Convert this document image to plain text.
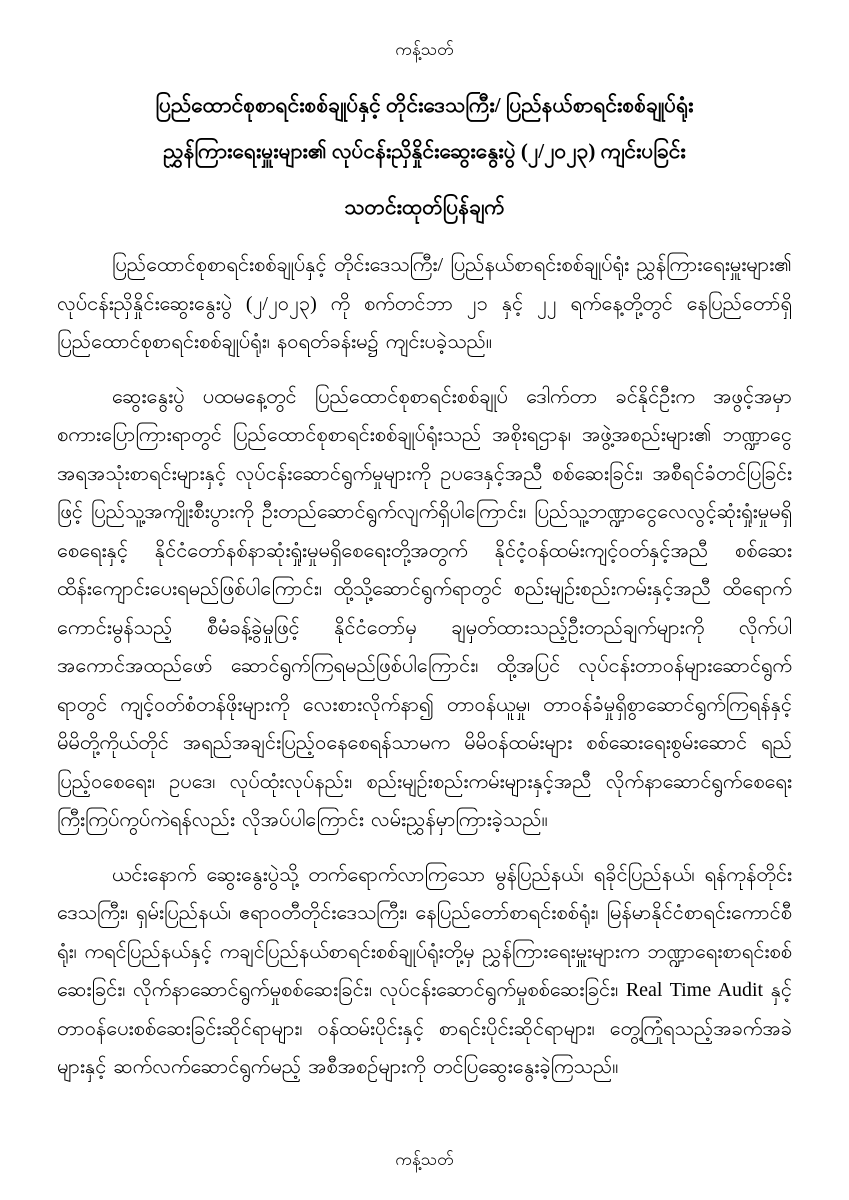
ကန့်သတ်
ပြည်ထောင်စုစာရင်းစစ်ချုပ်နှင့် တိုင်းဒေသကြီး/ ပြည်နယ်စာရင်းစစ်ချုပ်ရုံး
ညွှန်ကြားရေးမှူးများ၏ လုပ်ငန်းညှိနှိုင်းဆွေးနွေးပွဲ (၂/၂၀၂၃) ကျင်းပခြင်း
သတင်းထုတ်ပြန်ချက်

ပြည်ထောင်စုစာရင်းစစ်ချုပ်နှင့် တိုင်းဒေသကြီး/ ပြည်နယ်စာရင်းစစ်ချုပ်ရုံး ညွှန်ကြားရေးမှူးများ၏ လုပ်ငန်းညှိနှိုင်းဆွေးနွေးပွဲ (၂/၂၀၂၃) ကို စက်တင်ဘာ ၂၁ နှင့် ၂၂ ရက်နေ့တို့တွင် နေပြည်တော်ရှိ ပြည်ထောင်စုစာရင်းစစ်ချုပ်ရုံး၊ နဝရတ်ခန်းမ၌ ကျင်းပခဲ့သည်။

ဆွေးနွေးပွဲ ပထမနေ့တွင် ပြည်ထောင်စုစာရင်းစစ်ချုပ် ဒေါက်တာ ခင်နိုင်ဦးက အဖွင့်အမှာစကားပြောကြားရာတွင် ပြည်ထောင်စုစာရင်းစစ်ချုပ်ရုံးသည် အစိုးရဌာန၊ အဖွဲ့အစည်းများ၏ ဘဏ္ဍာငွေအရအသုံးစာရင်းများနှင့် လုပ်ငန်းဆောင်ရွက်မှုများကို ဥပဒေနှင့်အညီ စစ်ဆေးခြင်း၊ အစီရင်ခံတင်ပြခြင်းဖြင့် ပြည်သူ့အကျိုးစီးပွားကို ဦးတည်ဆောင်ရွက်လျက်ရှိပါကြောင်း၊ ပြည်သူ့ဘဏ္ဍာငွေလေလွင့်ဆုံးရှုံးမှုမရှိစေရေးနှင့် နိုင်ငံတော်နစ်နာဆုံးရှုံးမှုမရှိစေရေးတို့အတွက် နိုင်ငံ့ဝန်ထမ်းကျင့်ဝတ်နှင့်အညီ စစ်ဆေးထိန်းကျောင်းပေးရမည်ဖြစ်ပါကြောင်း၊ ထို့သို့ဆောင်ရွက်ရာတွင် စည်းမျဉ်းစည်းကမ်းနှင့်အညီ ထိရောက်ကောင်းမွန်သည့် စီမံခန့်ခွဲမှုဖြင့် နိုင်ငံတော်မှ ချမှတ်ထားသည့်ဦးတည်ချက်များကို လိုက်ပါအကောင်အထည်ဖော် ဆောင်ရွက်ကြရမည်ဖြစ်ပါကြောင်း၊ ထို့အပြင် လုပ်ငန်းတာဝန်များဆောင်ရွက်ရာတွင် ကျင့်ဝတ်စံတန်ဖိုးများကို လေးစားလိုက်နာ၍ တာဝန်ယူမှု၊ တာဝန်ခံမှုရှိစွာဆောင်ရွက်ကြရန်နှင့် မိမိတို့ကိုယ်တိုင် အရည်အချင်းပြည့်ဝနေစေရန်သာမက မိမိဝန်ထမ်းများ စစ်ဆေးရေးစွမ်းဆောင် ရည်ပြည့်ဝစေရေး၊ ဥပဒေ၊ လုပ်ထုံးလုပ်နည်း၊ စည်းမျဉ်းစည်းကမ်းများနှင့်အညီ လိုက်နာဆောင်ရွက်စေရေးကြီးကြပ်ကွပ်ကဲရန်လည်း လိုအပ်ပါကြောင်း လမ်းညွှန်မှာကြားခဲ့သည်။

ယင်းနောက် ဆွေးနွေးပွဲသို့ တက်ရောက်လာကြသော မွန်ပြည်နယ်၊ ရခိုင်ပြည်နယ်၊ ရန်ကုန်တိုင်းဒေသကြီး၊ ရှမ်းပြည်နယ်၊ ဧရာဝတီတိုင်းဒေသကြီး၊ နေပြည်တော်စာရင်းစစ်ရုံး၊ မြန်မာနိုင်ငံစာရင်းကောင်စီရုံး၊ ကရင်ပြည်နယ်နှင့် ကချင်ပြည်နယ်စာရင်းစစ်ချုပ်ရုံးတို့မှ ညွှန်ကြားရေးမှူးများက ဘဏ္ဍာရေးစာရင်းစစ်ဆေးခြင်း၊ လိုက်နာဆောင်ရွက်မှုစစ်ဆေးခြင်း၊ လုပ်ငန်းဆောင်ရွက်မှုစစ်ဆေးခြင်း၊ Real Time Audit နှင့်တာဝန်ပေးစစ်ဆေးခြင်းဆိုင်ရာများ၊ ဝန်ထမ်းပိုင်းနှင့် စာရင်းပိုင်းဆိုင်ရာများ၊ တွေ့ကြုံရသည့်အခက်အခဲများနှင့် ဆက်လက်ဆောင်ရွက်မည့် အစီအစဉ်များကို တင်ပြဆွေးနွေးခဲ့ကြသည်။

ကန့်သတ်
